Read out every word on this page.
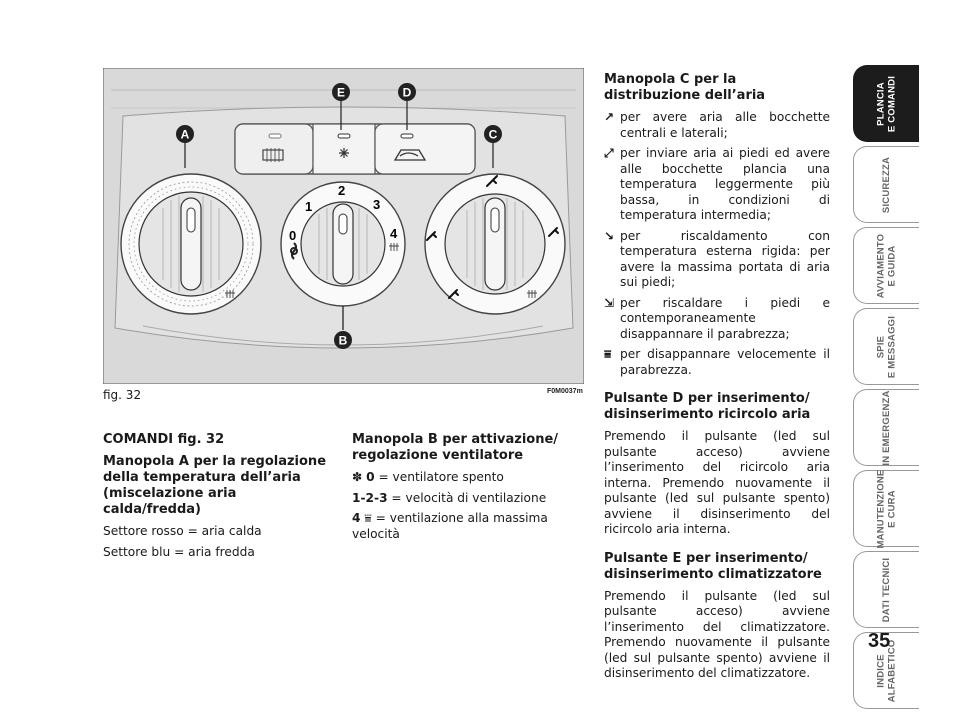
0
1
2
3
4
A
E	D
C
B
fig. 32	F0M0037m
COMANDI fig. 32
Manopola A per la regolazione della temperatura dell’aria (miscelazione aria calda/fredda)
Settore rosso = aria calda
Settore blu = aria fredda
Manopola B per attivazione/ regolazione ventilatore
✽ 0 = ventilatore spento
1-2-3 = velocità di ventilazione
4 ⩸ = ventilazione alla massima velocità
Manopola C per la distribuzione dell’aria
↗ per avere aria alle bocchette centrali e laterali;
⤢ per inviare aria ai piedi ed avere alle bocchette plancia una temperatura leggermente più bassa, in condizioni di temperatura intermedia;
↘ per riscaldamento con temperatura esterna rigida: per avere la massima portata di aria sui piedi;
⇲ per riscaldare i piedi e contemporaneamente disappannare il parabrezza;
⩸ per disappannare velocemente il parabrezza.
Pulsante D per inserimento/ disinserimento ricircolo aria
Premendo il pulsante (led sul pulsante acceso) avviene l’inserimento del ricircolo aria interna. Premendo nuovamente il pulsante (led sul pulsante spento) avviene il disinserimento del ricircolo aria interna.
Pulsante E per inserimento/ disinserimento climatizzatore
Premendo il pulsante (led sul pulsante acceso) avviene l’inserimento del climatizzatore. Premendo nuovamente il pulsante (led sul pulsante spento) avviene il disinserimento del climatizzatore.
PLANCIA
E COMANDI
SICUREZZA
AVVIAMENTO
E GUIDA
SPIE
E MESSAGGI
IN EMERGENZA
MANUTENZIONE
E CURA
DATI TECNICI
INDICE
ALFABETICO
35
